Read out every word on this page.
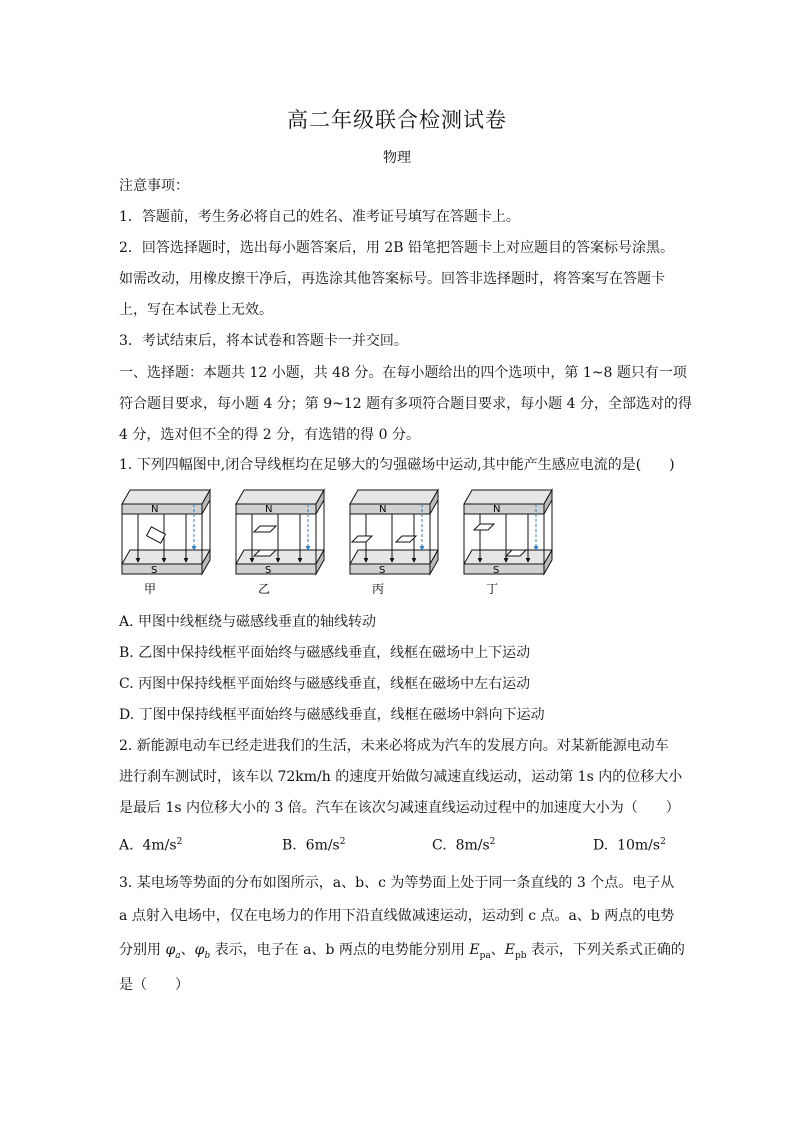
高二年级联合检测试卷
物理
注意事项：
1．答题前，考生务必将自己的姓名、准考证号填写在答题卡上。
2．回答选择题时，选出每小题答案后，用 2B 铅笔把答题卡上对应题目的答案标号涂黑。
如需改动，用橡皮擦干净后，再选涂其他答案标号。回答非选择题时，将答案写在答题卡
上，写在本试卷上无效。
3．考试结束后，将本试卷和答题卡一并交回。
一、选择题：本题共 12 小题，共 48 分。在每小题给出的四个选项中，第 1~8 题只有一项
符合题目要求，每小题 4 分；第 9~12 题有多项符合题目要求，每小题 4 分，全部选对的得
4 分，选对但不全的得 2 分，有选错的得 0 分。
1. 下列四幅图中,闭合导线框均在足够大的匀强磁场中运动,其中能产生感应电流的是(　　)
N
S
甲
N
S
乙
N
S
丙
N
S
丁
A. 甲图中线框绕与磁感线垂直的轴线转动
B. 乙图中保持线框平面始终与磁感线垂直，线框在磁场中上下运动
C. 丙图中保持线框平面始终与磁感线垂直，线框在磁场中左右运动
D. 丁图中保持线框平面始终与磁感线垂直，线框在磁场中斜向下运动
2. 新能源电动车已经走进我们的生活，未来必将成为汽车的发展方向。对某新能源电动车
进行刹车测试时，该车以 72km/h 的速度开始做匀减速直线运动，运动第 1s 内的位移大小
是最后 1s 内位移大小的 3 倍。汽车在该次匀减速直线运动过程中的加速度大小为（　　）
A. $4m/s^2$	B. $6m/s^2$	C. $8m/s^2$	D. $10m/s^2$
3. 某电场等势面的分布如图所示，a、b、c 为等势面上处于同一条直线的 3 个点。电子从
a 点射入电场中，仅在电场力的作用下沿直线做减速运动，运动到 c 点。a、b 两点的电势
分别用 $\varphi_a$、$\varphi_b$ 表示，电子在 a、b 两点的电势能分别用 $E_{pa}$、$E_{pb}$ 表示，下列关系式正确的
是（　　）
